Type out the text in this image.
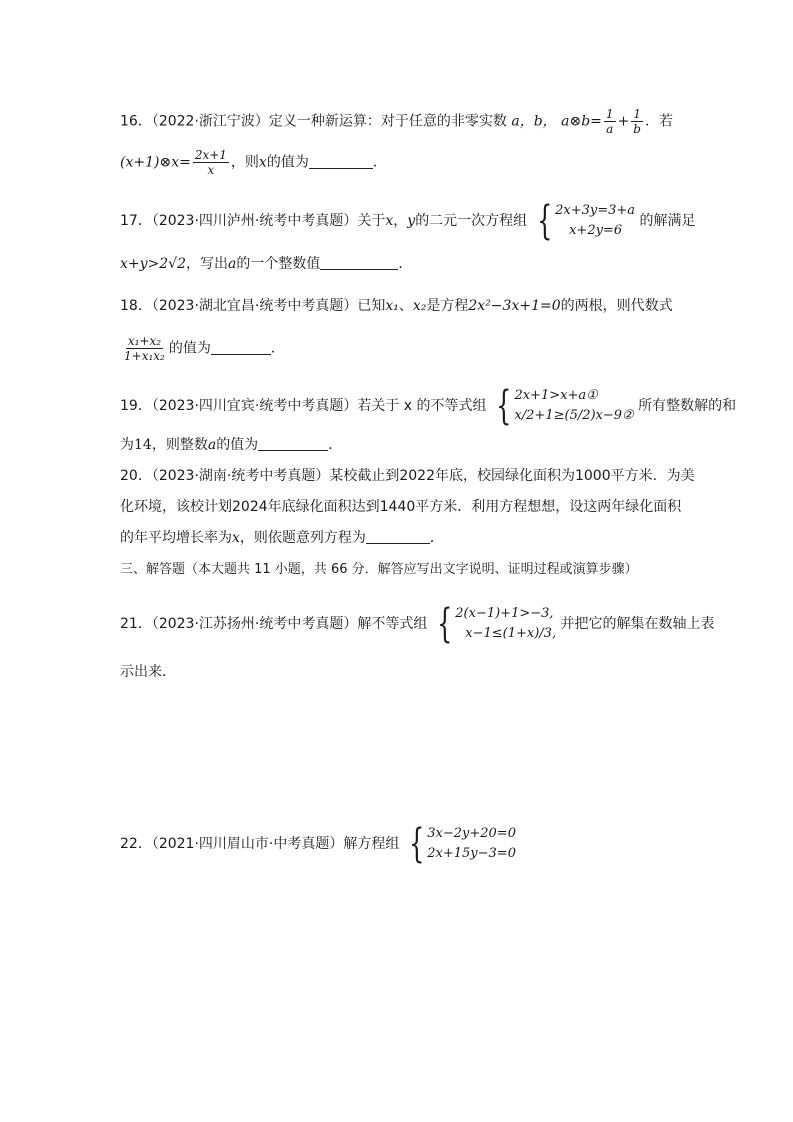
16．（2022·浙江宁波）定义一种新运算：对于任意的非零实数 a，b， a⊗b= $\frac{1}{a} + \frac{1}{b}$ ．若
(x+1)⊗x= $\frac{2x+1}{x}$ ，则x的值为	．
17．（2023·四川泸州·统考中考真题）关于x，y的二元一次方程组 { 2x+3y=3+a
x+2y=6
的解满足
x+y>2√2，写出a的一个整数值	．
18．（2023·湖北宜昌·统考中考真题）已知x₁、x₂是方程2x²−3x+1=0的两根，则代数式
$\frac{\text{x₁+x₂}}{\text{1+x₁x₂}}$ 的值为	．
19．（2023·四川宜宾·统考中考真题）若关于 x 的不等式组 { 2x+1>x+a①
x/2+1≥(5/2)x−9②
所有整数解的和
为14，则整数a的值为	．
20．（2023·湖南·统考中考真题）某校截止到2022年底，校园绿化面积为1000平方米．为美
化环境，该校计划2024年底绿化面积达到1440平方米．利用方程想想，设这两年绿化面积
的年平均增长率为x，则依题意列方程为	．
三、解答题（本大题共 11 小题，共 66 分．解答应写出文字说明、证明过程或演算步骤）
21．（2023·江苏扬州·统考中考真题）解不等式组 { 2(x−1)+1>−3,
x−1≤(1+x)/3,
并把它的解集在数轴上表
示出来．
22．（2021·四川眉山市·中考真题）解方程组 { 3x−2y+20=0
2x+15y−3=0
